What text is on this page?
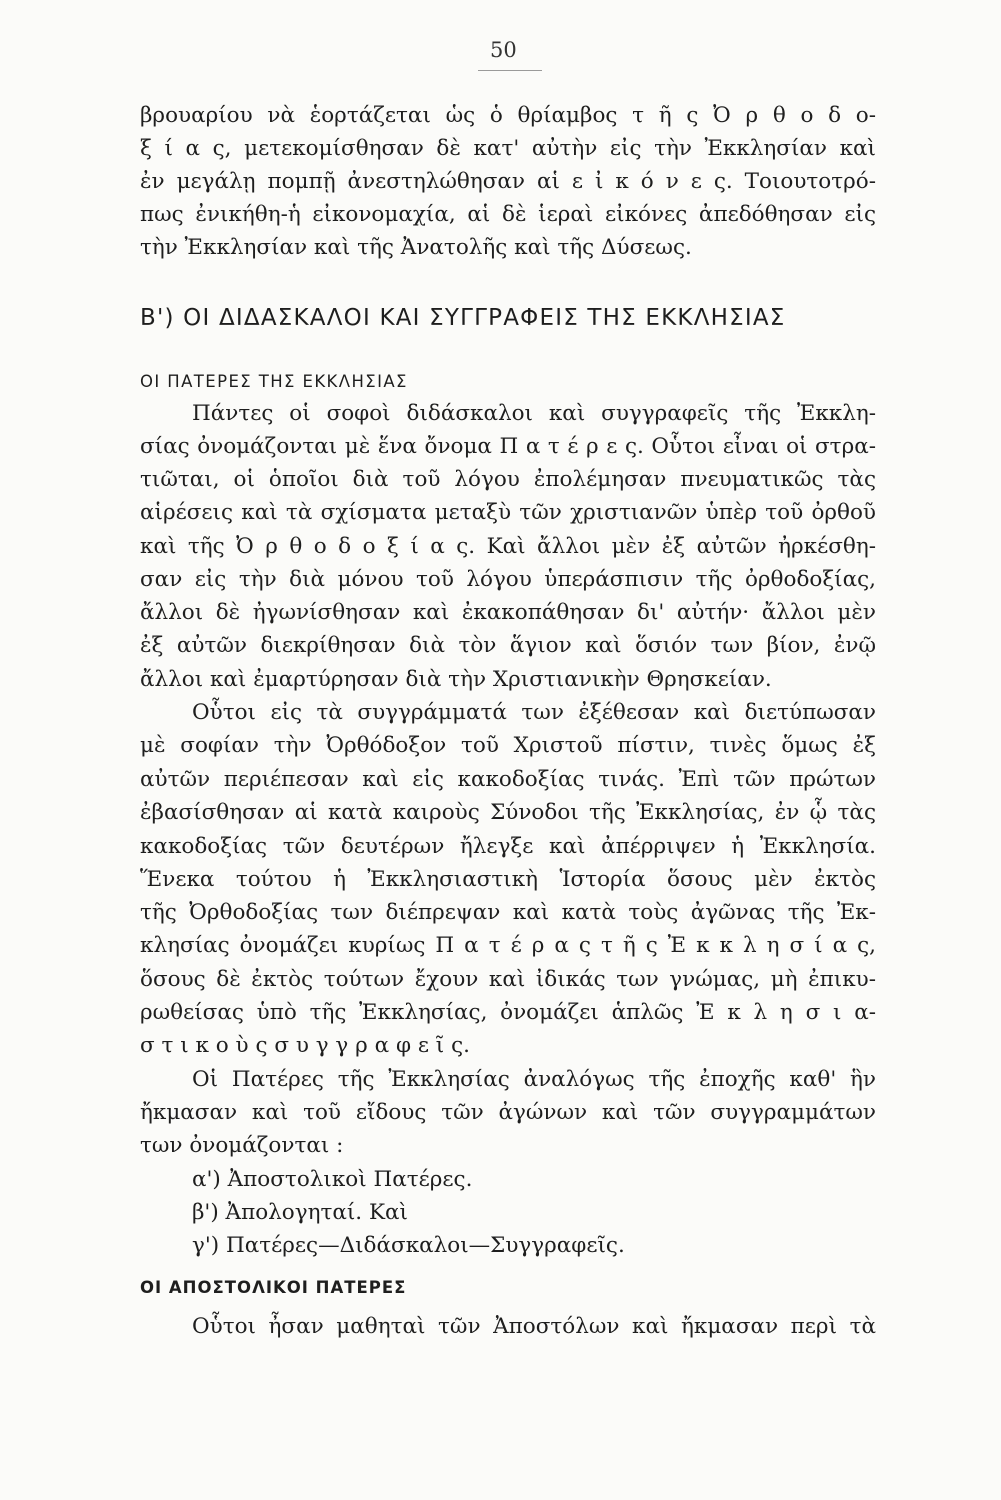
50
βρουαρίου νὰ ἑορτάζεται ὡς ὁ θρίαμβος τ ῆ ς Ὀ ρ θ ο δ ο-
ξ ί α ς, μετεκομίσθησαν δὲ κατ' αὐτὴν εἰς τὴν Ἐκκλησίαν καὶ
ἐν μεγάλῃ πομπῇ ἀνεστηλώθησαν αἱ ε ἰ κ ό ν ε ς. Τοιουτοτρό-
πως ἐνικήθη-ἡ εἰκονομαχία, αἱ δὲ ἱεραὶ εἰκόνες ἀπεδόθησαν εἰς
τὴν Ἐκκλησίαν καὶ τῆς Ἀνατολῆς καὶ τῆς Δύσεως.
Β') ΟΙ ΔΙΔΑΣΚΑΛΟΙ ΚΑΙ ΣΥΓΓΡΑΦΕΙΣ ΤΗΣ ΕΚΚΛΗΣΙΑΣ
ΟΙ ΠΑΤΕΡΕΣ ΤΗΣ ΕΚΚΛΗΣΙΑΣ
Πάντες οἱ σοφοὶ διδάσκαλοι καὶ συγγραφεῖς τῆς Ἐκκλη-
σίας ὀνομάζονται μὲ ἕνα ὄνομα Π α τ έ ρ ε ς. Οὗτοι εἶναι οἱ στρα-
τιῶται, οἱ ὁποῖοι διὰ τοῦ λόγου ἐπολέμησαν πνευματικῶς τὰς
αἱρέσεις καὶ τὰ σχίσματα μεταξὺ τῶν χριστιανῶν ὑπὲρ τοῦ ὀρθοῦ
καὶ τῆς Ὀ ρ θ ο δ ο ξ ί α ς. Καὶ ἄλλοι μὲν ἐξ αὐτῶν ἠρκέσθη-
σαν εἰς τὴν διὰ μόνου τοῦ λόγου ὑπεράσπισιν τῆς ὀρθοδοξίας,
ἄλλοι δὲ ἠγωνίσθησαν καὶ ἐκακοπάθησαν δι' αὐτήν· ἄλλοι μὲν
ἐξ αὐτῶν διεκρίθησαν διὰ τὸν ἅγιον καὶ ὅσιόν των βίον, ἐνῷ
ἄλλοι καὶ ἐμαρτύρησαν διὰ τὴν Χριστιανικὴν Θρησκείαν.
Οὗτοι εἰς τὰ συγγράμματά των ἐξέθεσαν καὶ διετύπωσαν
μὲ σοφίαν τὴν Ὀρθόδοξον τοῦ Χριστοῦ πίστιν, τινὲς ὅμως ἐξ
αὐτῶν περιέπεσαν καὶ εἰς κακοδοξίας τινάς. Ἐπὶ τῶν πρώτων
ἐβασίσθησαν αἱ κατὰ καιροὺς Σύνοδοι τῆς Ἐκκλησίας, ἐν ᾧ τὰς
κακοδοξίας τῶν δευτέρων ἤλεγξε καὶ ἀπέρριψεν ἡ Ἐκκλησία.
Ἕνεκα τούτου ἡ Ἐκκλησιαστικὴ Ἱστορία ὅσους μὲν ἐκτὸς
τῆς Ὀρθοδοξίας των διέπρεψαν καὶ κατὰ τοὺς ἀγῶνας τῆς Ἐκ-
κλησίας ὀνομάζει κυρίως Π α τ έ ρ α ς τ ῆ ς Ἐ κ κ λ η σ ί α ς,
ὅσους δὲ ἐκτὸς τούτων ἔχουν καὶ ἰδικάς των γνώμας, μὴ ἐπικυ-
ρωθείσας ὑπὸ τῆς Ἐκκλησίας, ὀνομάζει ἁπλῶς Ἐ κ λ η σ ι α-
σ τ ι κ ο ὺ ς σ υ γ γ ρ α φ ε ῖ ς.
Οἱ Πατέρες τῆς Ἐκκλησίας ἀναλόγως τῆς ἐποχῆς καθ' ἣν
ἤκμασαν καὶ τοῦ εἴδους τῶν ἀγώνων καὶ τῶν συγγραμμάτων
των ὀνομάζονται :
α') Ἀποστολικοὶ Πατέρες.
β') Ἀπολογηταί. Καὶ
γ') Πατέρες—Διδάσκαλοι—Συγγραφεῖς.
ΟΙ ΑΠΟΣΤΟΛΙΚΟΙ ΠΑΤΕΡΕΣ
Οὗτοι ἦσαν μαθηταὶ τῶν Ἀποστόλων καὶ ἤκμασαν περὶ τὰ
